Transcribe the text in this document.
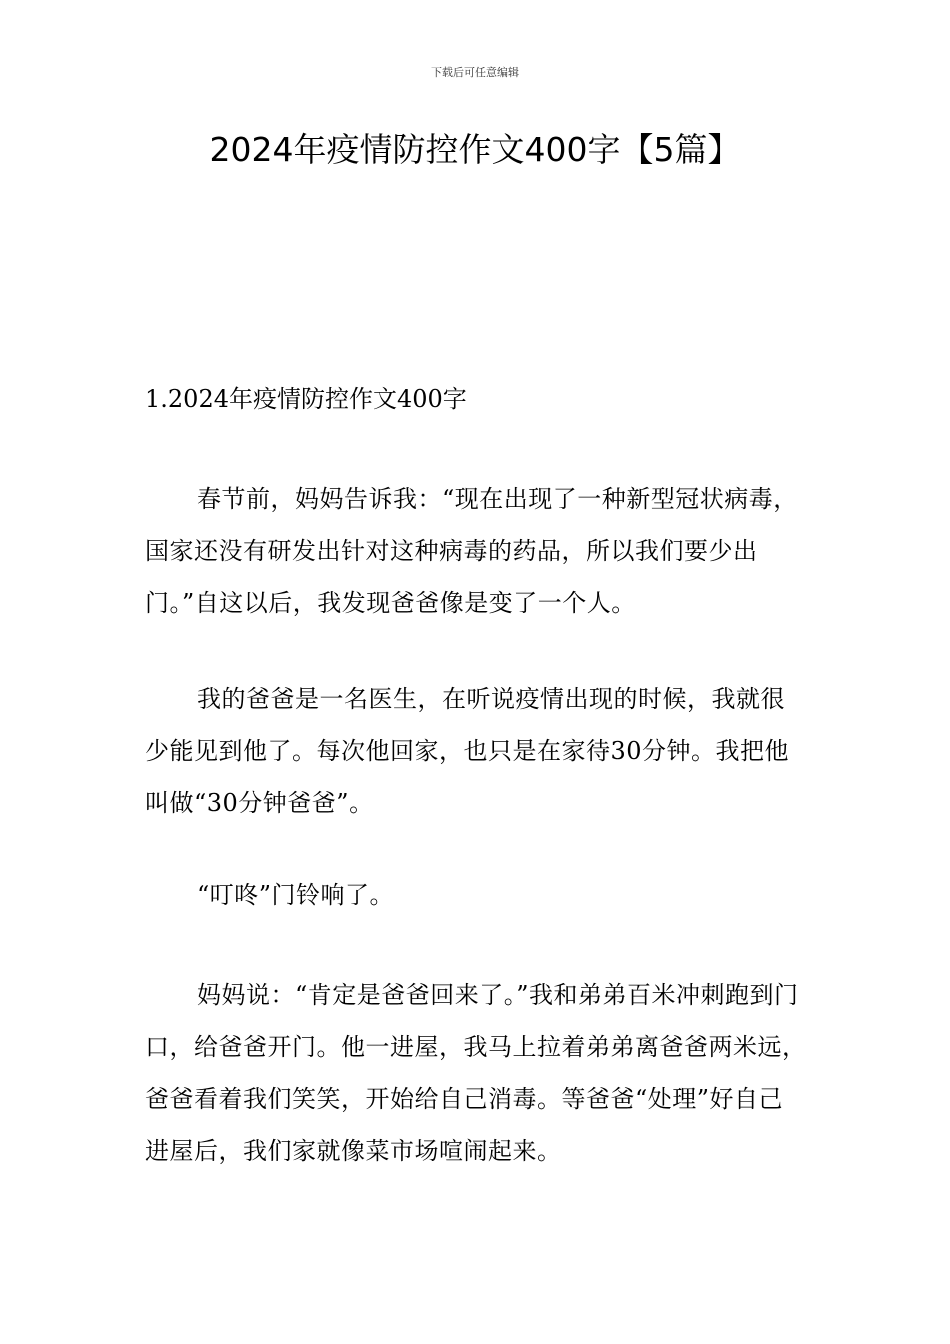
下载后可任意编辑
2024年疫情防控作文400字【5篇】
1.2024年疫情防控作文400字

春节前，妈妈告诉我：“现在出现了一种新型冠状病毒，国家还没有研发出针对这种病毒的药品，所以我们要少出门。”自这以后，我发现爸爸像是变了一个人。

我的爸爸是一名医生，在听说疫情出现的时候，我就很少能见到他了。每次他回家，也只是在家待30分钟。我把他叫做“30分钟爸爸”。

“叮咚”门铃响了。

妈妈说：“肯定是爸爸回来了。”我和弟弟百米冲刺跑到门口，给爸爸开门。他一进屋，我马上拉着弟弟离爸爸两米远，爸爸看着我们笑笑，开始给自己消毒。等爸爸“处理”好自己进屋后，我们家就像菜市场喧闹起来。
